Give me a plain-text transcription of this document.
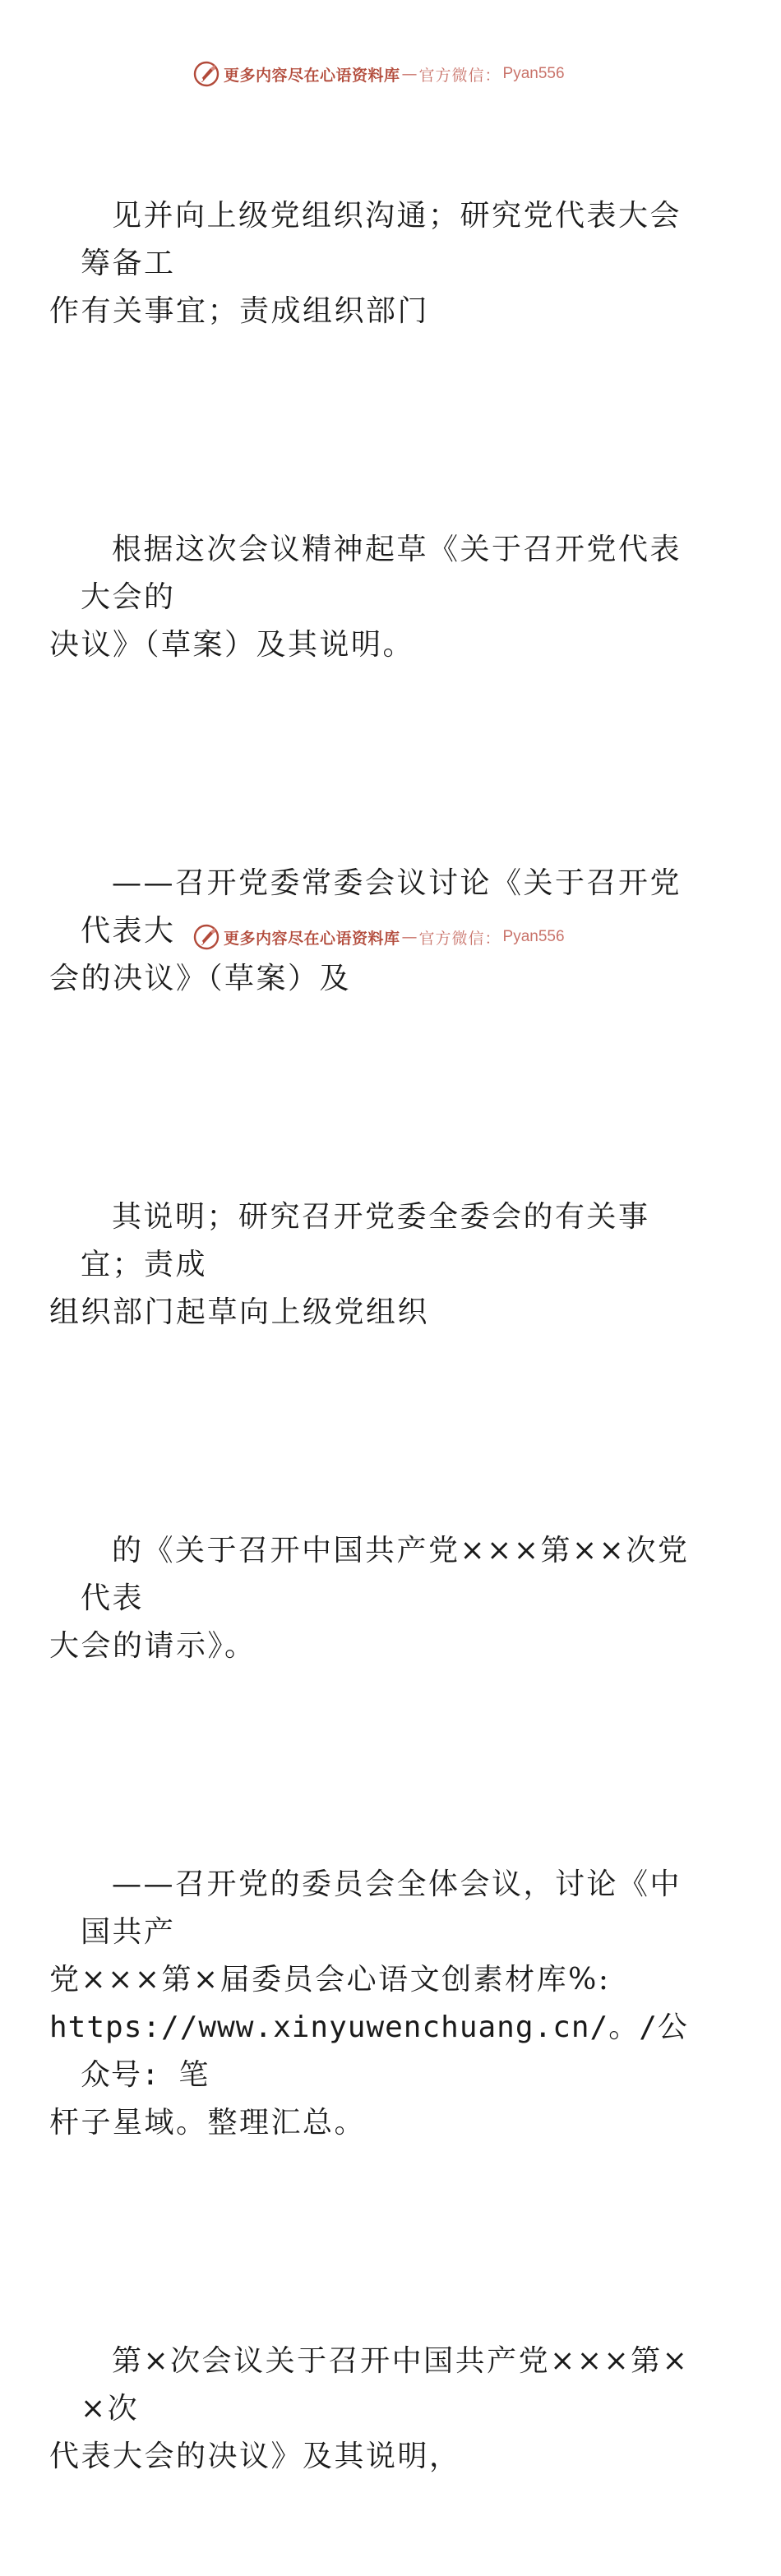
更多内容尽在心语资料库 — 官方微信： Pyan556

见并向上级党组织沟通；研究党代表大会筹备工
作有关事宜；责成组织部门

根据这次会议精神起草《关于召开党代表大会的
决议》（草案）及其说明。

——召开党委常委会议讨论《关于召开党代表大
会的决议》（草案）及

其说明；研究召开党委全委会的有关事宜；责成
组织部门起草向上级党组织

的《关于召开中国共产党×××第××次党代表
大会的请示》。

——召开党的委员会全体会议，讨论《中国共产
党×××第×届委员会心语文创素材库%:
https://www.xinyuwenchuang.cn/。/公众号: 笔
杆子星域。整理汇总。

第×次会议关于召开中国共产党×××第××次
代表大会的决议》及其说明，

更多内容尽在心语资料库 — 官方微信： Pyan556
